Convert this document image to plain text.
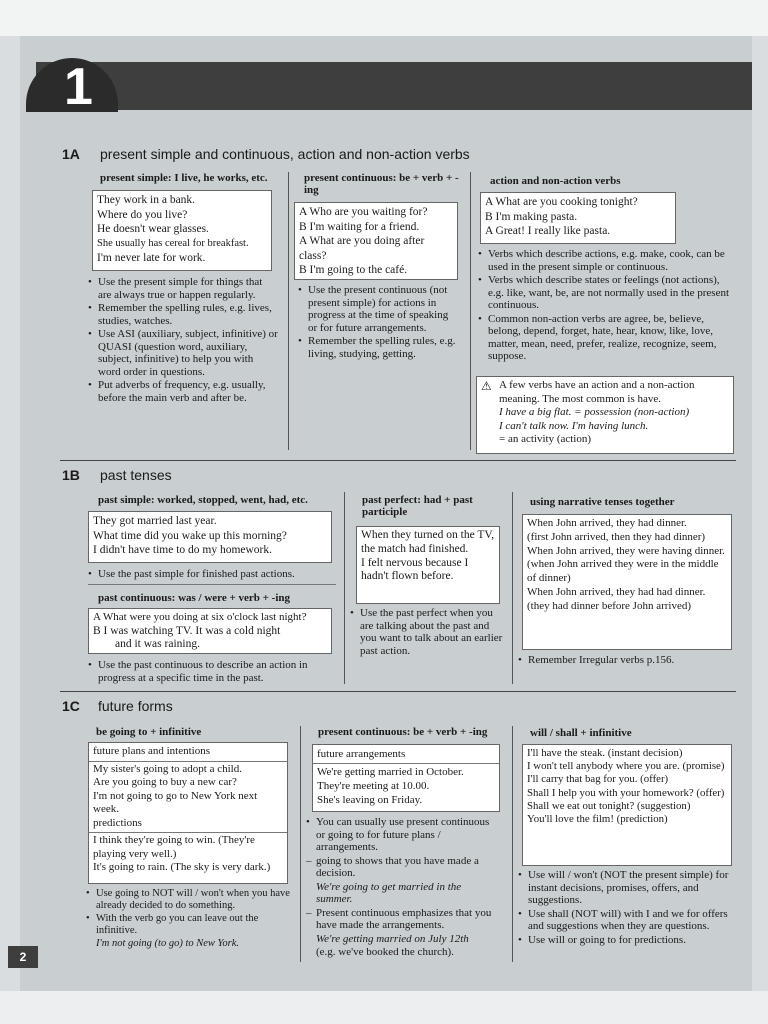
1
1A present simple and continuous, action and non-action verbs
present simple: I live, he works, etc.
They work in a bank.
Where do you live?
He doesn't wear glasses.
She usually has cereal for breakfast.
I'm never late for work.
• Use the present simple for things that are always true or happen regularly.
• Remember the spelling rules, e.g. lives, studies, watches.
• Use ASI (auxiliary, subject, infinitive) or QUASI (question word, auxiliary, subject, infinitive) to help you with word order in questions.
• Put adverbs of frequency, e.g. usually, before the main verb and after be.
present continuous: be + verb + -ing
A Who are you waiting for?
B I'm waiting for a friend.
A What are you doing after class?
B I'm going to the café.
• Use the present continuous (not present simple) for actions in progress at the time of speaking or for future arrangements.
• Remember the spelling rules, e.g. living, studying, getting.
action and non-action verbs
A What are you cooking tonight?
B I'm making pasta.
A Great! I really like pasta.
• Verbs which describe actions, e.g. make, cook, can be used in the present simple or continuous.
• Verbs which describe states or feelings (not actions), e.g. like, want, be, are not normally used in the present continuous.
• Common non-action verbs are agree, be, believe, belong, depend, forget, hate, hear, know, like, love, matter, mean, need, prefer, realize, recognize, seem, suppose.
⚠ A few verbs have an action and a non-action meaning. The most common is have.
I have a big flat. = possession (non-action)
I can't talk now. I'm having lunch.
= an activity (action)
1B past tenses
past simple: worked, stopped, went, had, etc.
They got married last year.
What time did you wake up this morning?
I didn't have time to do my homework.
• Use the past simple for finished past actions.
past continuous: was / were + verb + -ing
A What were you doing at six o'clock last night?
B I was watching TV. It was a cold night
and it was raining.
• Use the past continuous to describe an action in progress at a specific time in the past.
past perfect: had + past participle
When they turned on the TV, the match had finished.
I felt nervous because I hadn't flown before.
• Use the past perfect when you are talking about the past and you want to talk about an earlier past action.
using narrative tenses together
When John arrived, they had dinner.
(first John arrived, then they had dinner)
When John arrived, they were having dinner.
(when John arrived they were in the middle of dinner)
When John arrived, they had had dinner.
(they had dinner before John arrived)
• Remember Irregular verbs p.156.
1C future forms
be going to + infinitive
future plans and intentions
My sister's going to adopt a child.
Are you going to buy a new car?
I'm not going to go to New York next week.
predictions
I think they're going to win. (They're playing very well.)
It's going to rain. (The sky is very dark.)
• Use going to NOT will / won't when you have already decided to do something.
• With the verb go you can leave out the infinitive.
I'm not going (to go) to New York.
present continuous: be + verb + -ing
future arrangements
We're getting married in October.
They're meeting at 10.00.
She's leaving on Friday.
• You can usually use present continuous or going to for future plans / arrangements.
– going to shows that you have made a decision.
We're going to get married in the summer.
– Present continuous emphasizes that you have made the arrangements.
We're getting married on July 12th
(e.g. we've booked the church).
will / shall + infinitive
I'll have the steak. (instant decision)
I won't tell anybody where you are. (promise)
I'll carry that bag for you. (offer)
Shall I help you with your homework? (offer)
Shall we eat out tonight? (suggestion)
You'll love the film! (prediction)
• Use will / won't (NOT the present simple) for instant decisions, promises, offers, and suggestions.
• Use shall (NOT will) with I and we for offers and suggestions when they are questions.
• Use will or going to for predictions.
2
